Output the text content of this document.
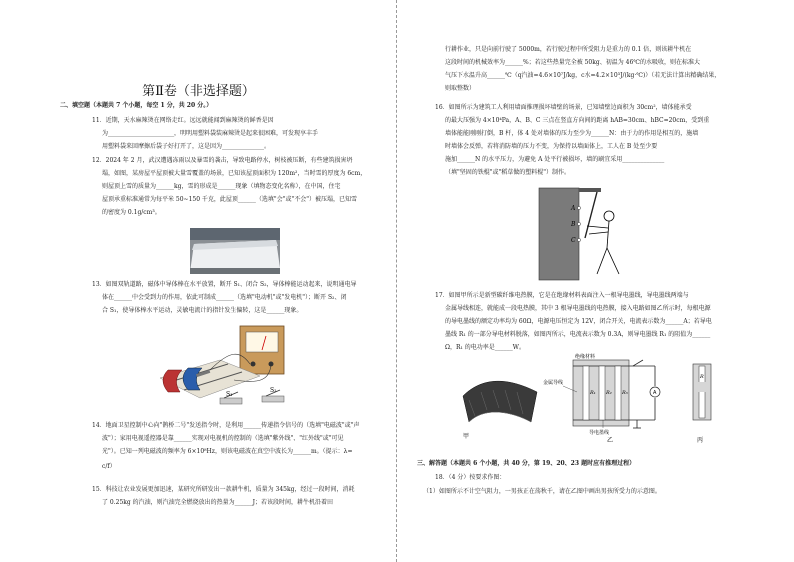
第Ⅱ卷（非选择题）
二、填空题（本题共 7 个小题，每空 1 分，共 20 分。）
11．近期，天水麻辣烫在网络走红。远远就能闻到麻辣烫的鲜香是因
为______________________，明明用塑料袋装麻辣烫是起来很困难，可发现享丰手
用塑料袋来回摩擦后袋子好打开了，这是因为______________。
12．2024 年 2 月，武汉遭遇冻雨以及暴雪的袭击，导致电路停水，树枝被压断，有些建筑损害坍
塌，如图，某房屋平屋顶被大量雪覆盖的场景，已知该屋顶面积为 120m²，当时雪的厚度为 6cm，
则屋顶上雪的质量为______kg，雪的形成是______现象（填物态变化名称），在中国，住宅
屋顶承重标准通常为每平米 50~150 千克，此屋顶______（选填"会"或"不会"）被压塌，已知雪
的密度为 0.1g/cm³。
13．如图双轨道路，磁体中导体棒在水平放置，断开 S₁、闭合 S₂，导体棒能运动起来，说明通电导
体在______中会受到力的作用，依此可制成______（选填"电动机"或"发电机"）；断开 S₂、闭
合 S₁，使导体棒水平运动，灵敏电流计的指针发生偏转，这是______现象。
S₁
S₂
14．地面卫星控制中心向"鹊桥二号"发送指令时，是利用______传递指令信号的（选填"电磁波"或"声
波"）；家用电视遥控器是靠______实现对电视机的控制的（选填"紫外线"、"红外线"或"可见
光"）。已知一列电磁波的频率为 6×10⁸Hz，则该电磁波在真空中波长为______m。（提示：λ=
c/f）
15．科技让农业发展更加迅速，某研究所研发出一款耕牛机，质量为 345kg，经过一段时间，消耗
了 0.25kg 的汽油，则汽油完全燃烧放出的热量为______J；若该段时间，耕牛机沿着田
行耕作业，只是向前行驶了 5000m，若行驶过程中所受阻力是重力的 0.1 倍，则该耕牛机在
这段时间的机械效率为______%；若这些热量完全被 50kg、初温为 46℃的水吸收，则在标准大
气压下水温升高______℃（q汽油=4.6×10⁷J/kg，c水=4.2×10³J/(kg·℃)）（若无法计算出精确结果，
则取整数）
16．如图所示为建筑工人利用墙面推理损坏墙壁的场景，已知墙壁边面积为 30cm²，墙体能承受
的最大压强为 4×10⁴Pa，A、B、C 三点在竖直方向间的距离 hAB=30cm、hBC=20cm，受到重
墙体能能刚刚打倒，B 杆，体 4 处对墙体的压力至少为______N：由于力的作用是相互的，施墙
时墙体会反弹，若将消防墙的压力不变，为保持以墙面体上，工人在 B 处至少要
施加______N 的水平压力，为避免 A 处平行被损坏，墙的刷宜采用______________
（填"坚固的铁棍"或"稻草做的塑料棍"）制作。
A
B
C
17．如图甲所示是新型碳纤维电热膜，它是在绝缘材料表面注入一根导电墨线，导电墨线两端与
金属导线相连，就能成一段电热膜，其中 3 根导电墨线的电热膜，接入电路如图乙所示时，每根电源
的导电墨线的额定功率均为 60Ω，电源电压恒定为 12V，闭合开关，电流表示数为______A；若导电
墨线 R₁ 的一部分导电材料脱落，如图丙所示，电流表示数为 0.3A，则导电墨线 R₁ 的阻值为______
Ω，R₁ 的电功率是______W。
甲
R₁ R₂ R₃
绝缘材料
金属导线
导电墨线
A
乙
R
丙
三、解答题（本题共 6 个小题，共 40 分，第 19、20、23 题时应有推理过程）
18．（4 分）按要求作图：
（1）如图所示不计空气阻力，一男孩正在荡秋千，请在乙图中画出男孩所受力的示意图。
